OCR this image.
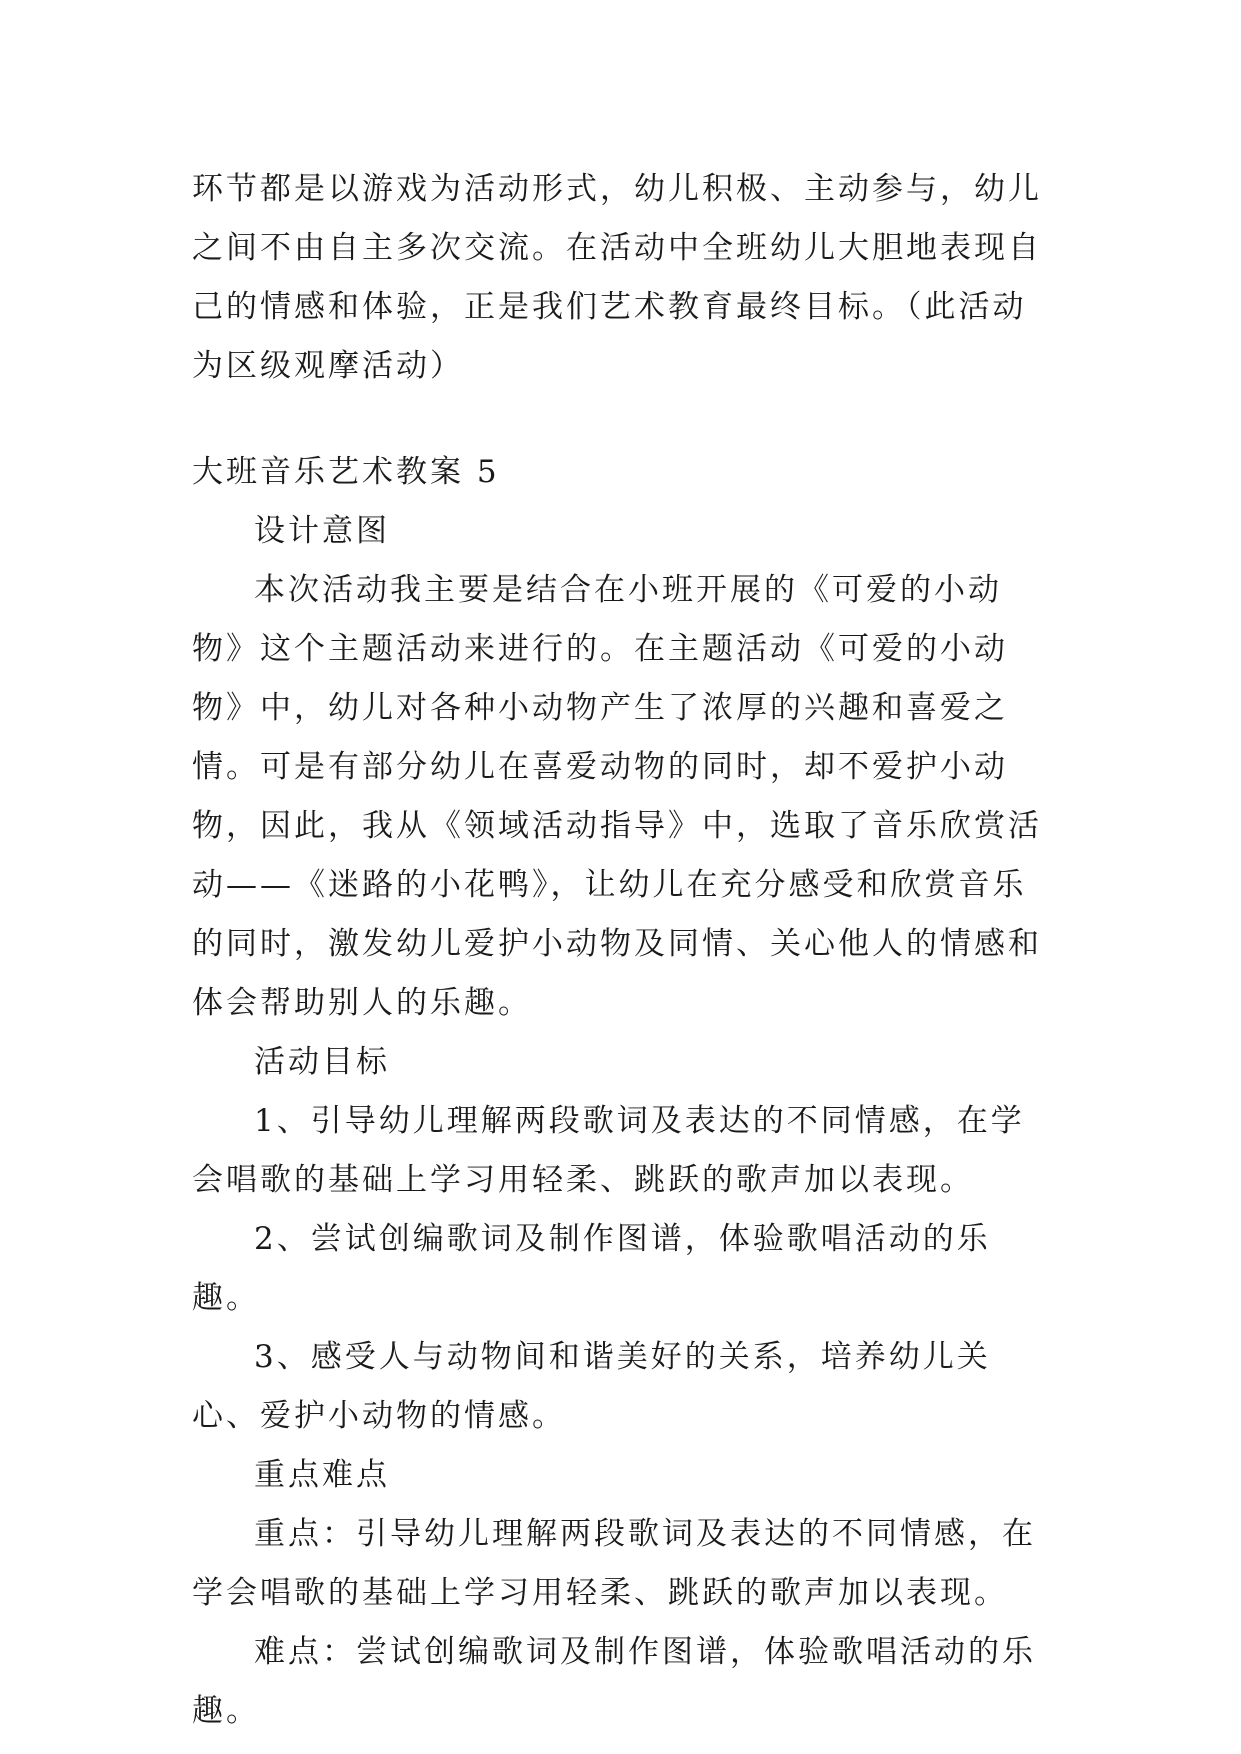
环节都是以游戏为活动形式，幼儿积极、主动参与，幼儿之间不由自主多次交流。在活动中全班幼儿大胆地表现自己的情感和体验，正是我们艺术教育最终目标。（此活动为区级观摩活动）

大班音乐艺术教案 5

设计意图

本次活动我主要是结合在小班开展的《可爱的小动物》这个主题活动来进行的。在主题活动《可爱的小动物》中，幼儿对各种小动物产生了浓厚的兴趣和喜爱之情。可是有部分幼儿在喜爱动物的同时，却不爱护小动物，因此，我从《领域活动指导》中，选取了音乐欣赏活动——《迷路的小花鸭》，让幼儿在充分感受和欣赏音乐的同时，激发幼儿爱护小动物及同情、关心他人的情感和体会帮助别人的乐趣。

活动目标

1、引导幼儿理解两段歌词及表达的不同情感，在学会唱歌的基础上学习用轻柔、跳跃的歌声加以表现。

2、尝试创编歌词及制作图谱，体验歌唱活动的乐趣。

3、感受人与动物间和谐美好的关系，培养幼儿关心、爱护小动物的情感。

重点难点

重点：引导幼儿理解两段歌词及表达的不同情感，在学会唱歌的基础上学习用轻柔、跳跃的歌声加以表现。

难点：尝试创编歌词及制作图谱，体验歌唱活动的乐趣。
